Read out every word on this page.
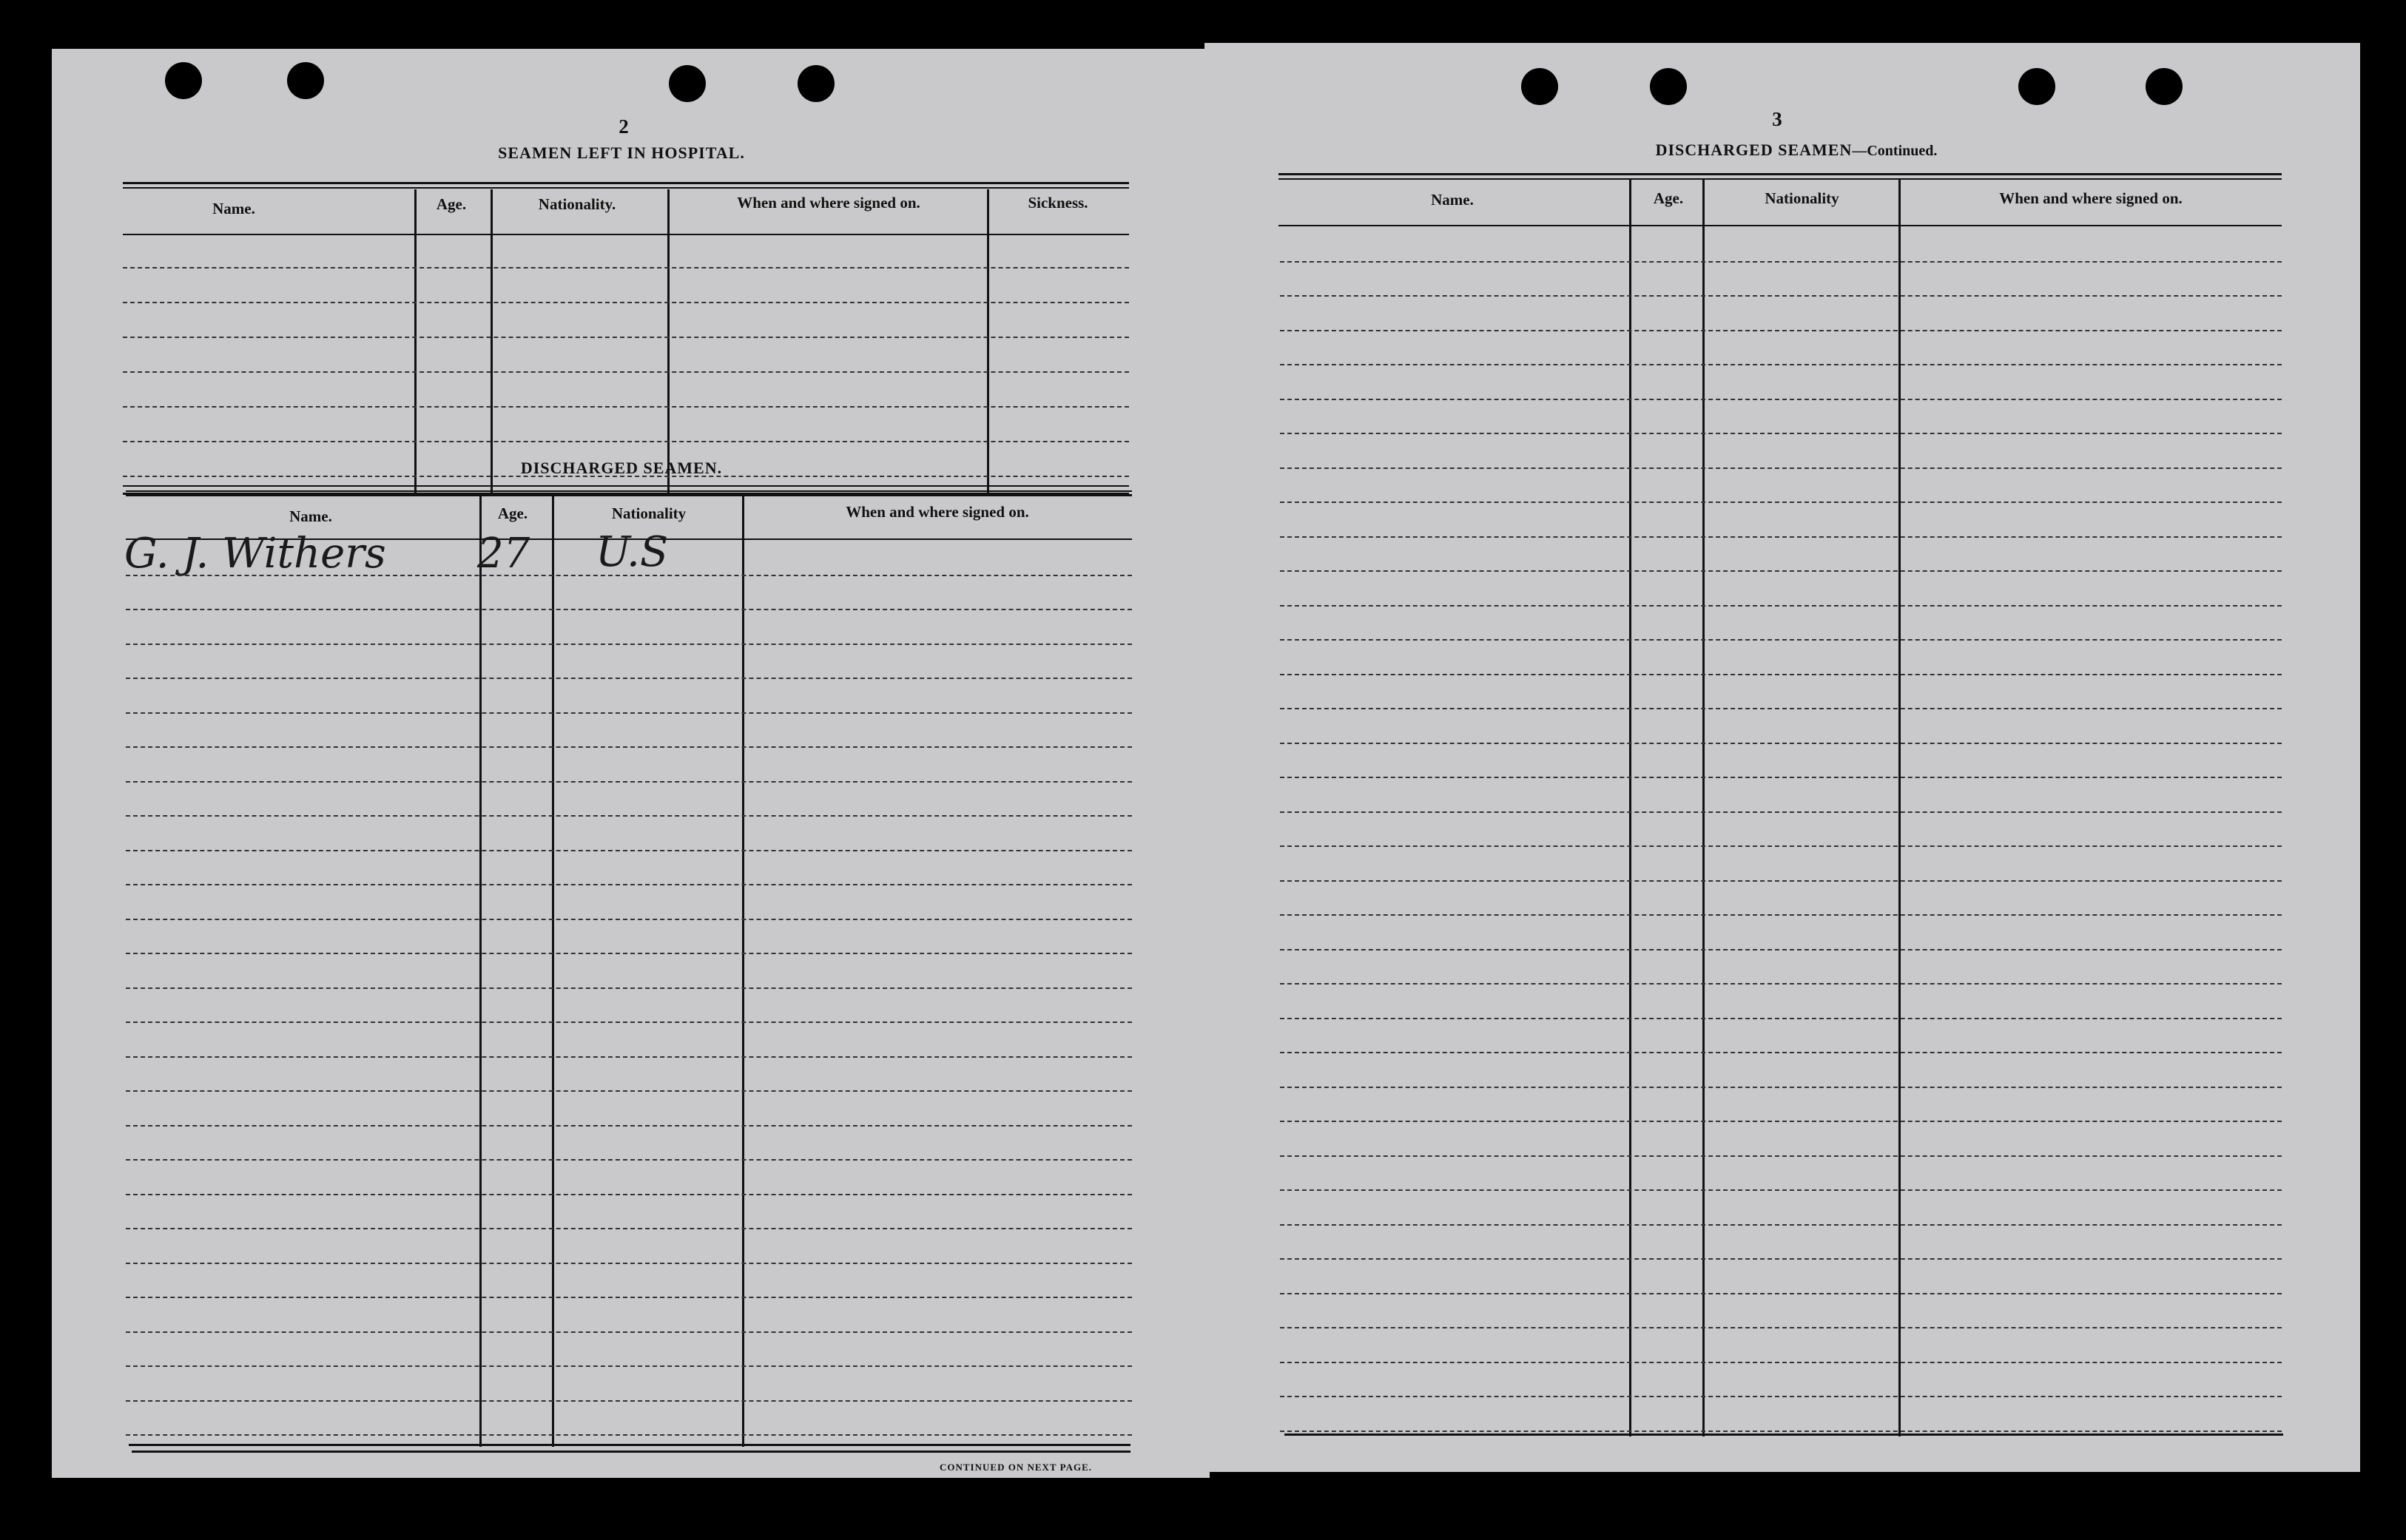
2
SEAMEN LEFT IN HOSPITAL.
Name.	Age.	Nationality.	When and where signed on.	Sickness.
DISCHARGED SEAMEN.
Name.	Age.	Nationality	When and where signed on.
G. J. Withers 27 U.S
CONTINUED ON NEXT PAGE.
3
DISCHARGED SEAMEN—Continued.
Name.	Age.	Nationality	When and where signed on.
